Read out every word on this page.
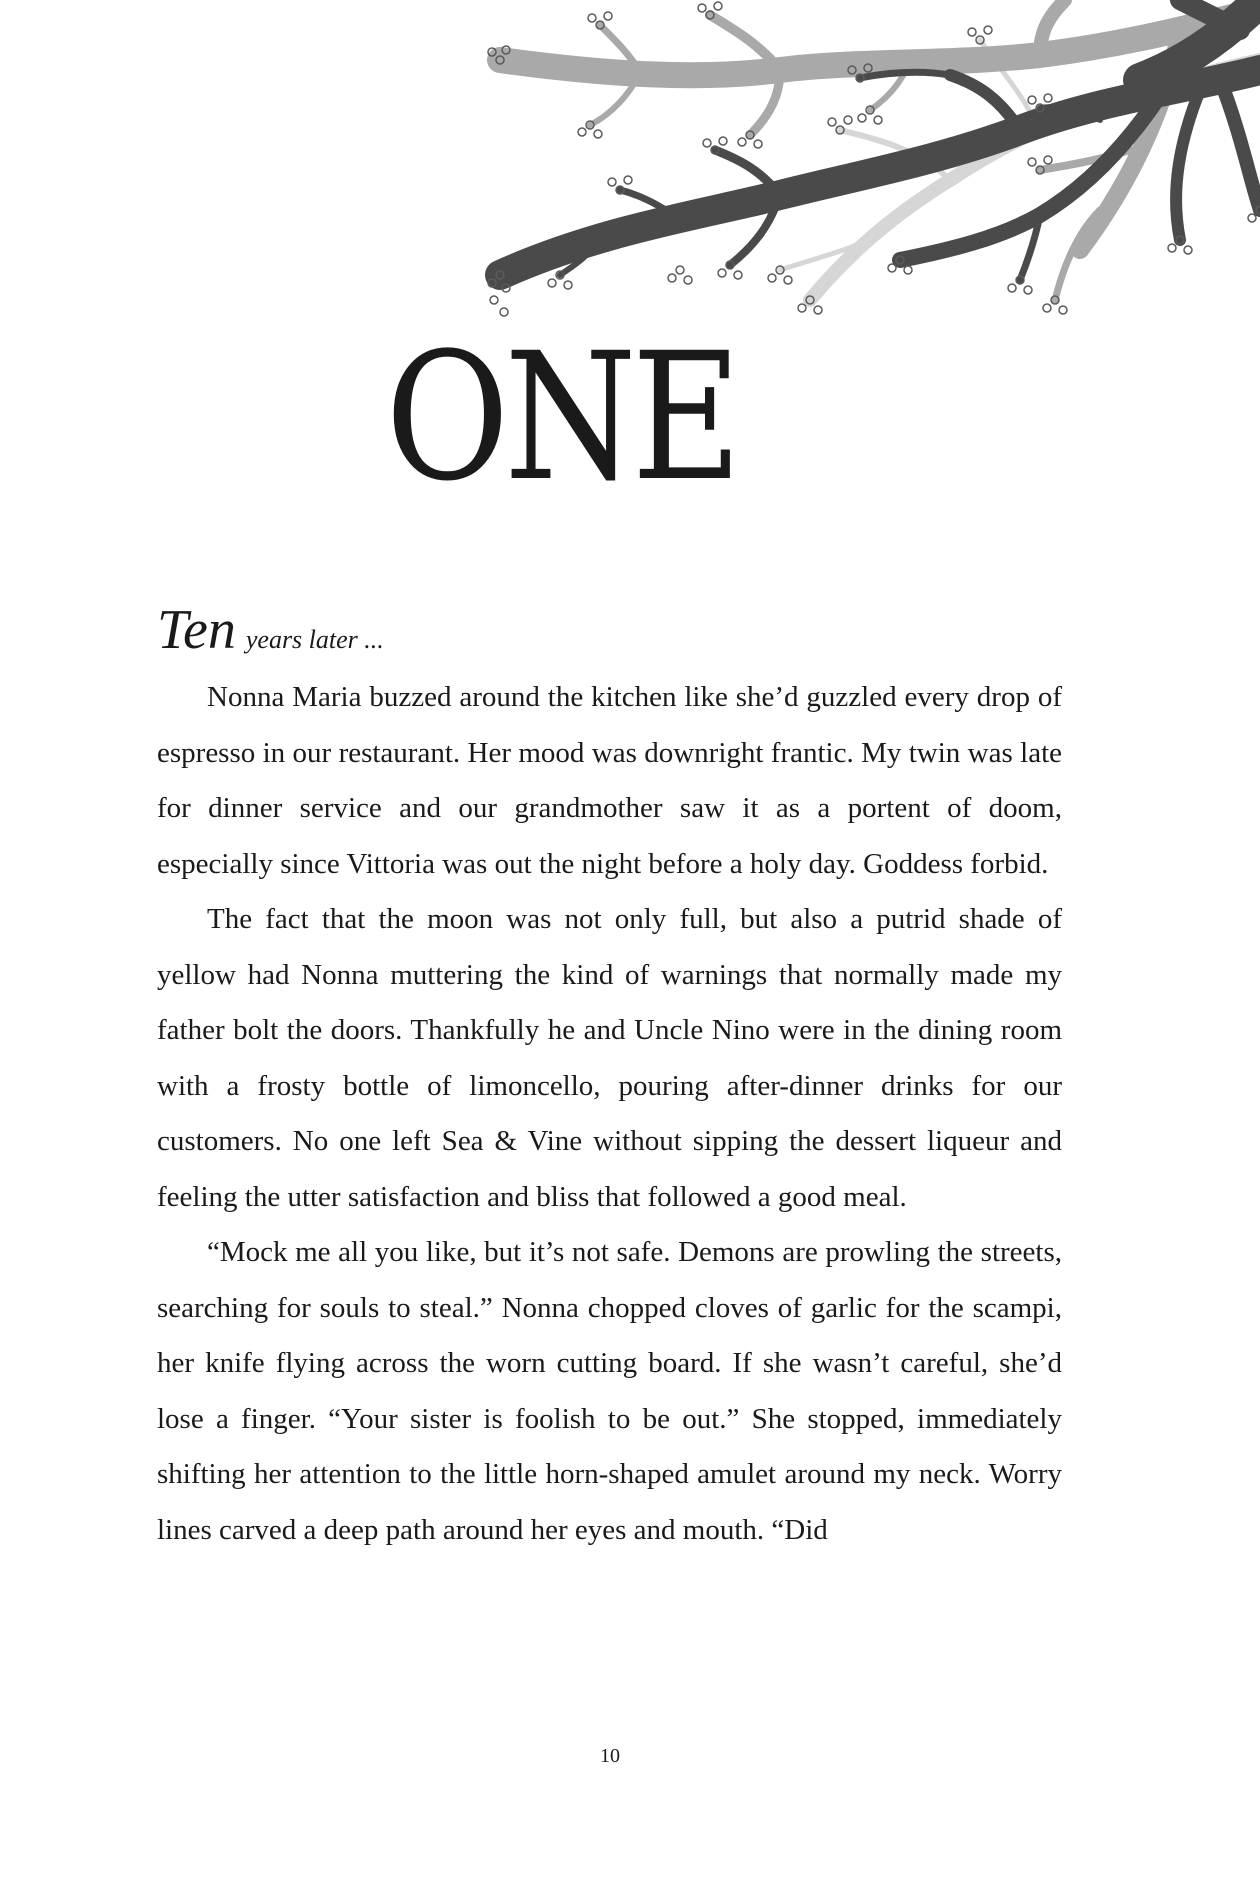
ONE
Ten years later ...

Nonna Maria buzzed around the kitchen like she’d guzzled every drop of espresso in our restaurant. Her mood was downright frantic. My twin was late for dinner service and our grandmother saw it as a portent of doom, especially since Vittoria was out the night before a holy day. Goddess forbid.

The fact that the moon was not only full, but also a putrid shade of yellow had Nonna muttering the kind of warnings that normally made my father bolt the doors. Thankfully he and Uncle Nino were in the dining room with a frosty bottle of limoncello, pouring after-dinner drinks for our customers. No one left Sea & Vine without sipping the dessert liqueur and feeling the utter satisfaction and bliss that followed a good meal.

“Mock me all you like, but it’s not safe. Demons are prowling the streets, searching for souls to steal.” Nonna chopped cloves of garlic for the scampi, her knife flying across the worn cutting board. If she wasn’t careful, she’d lose a finger. “Your sister is foolish to be out.” She stopped, immediately shifting her attention to the little horn-shaped amulet around my neck. Worry lines carved a deep path around her eyes and mouth. “Did

10
